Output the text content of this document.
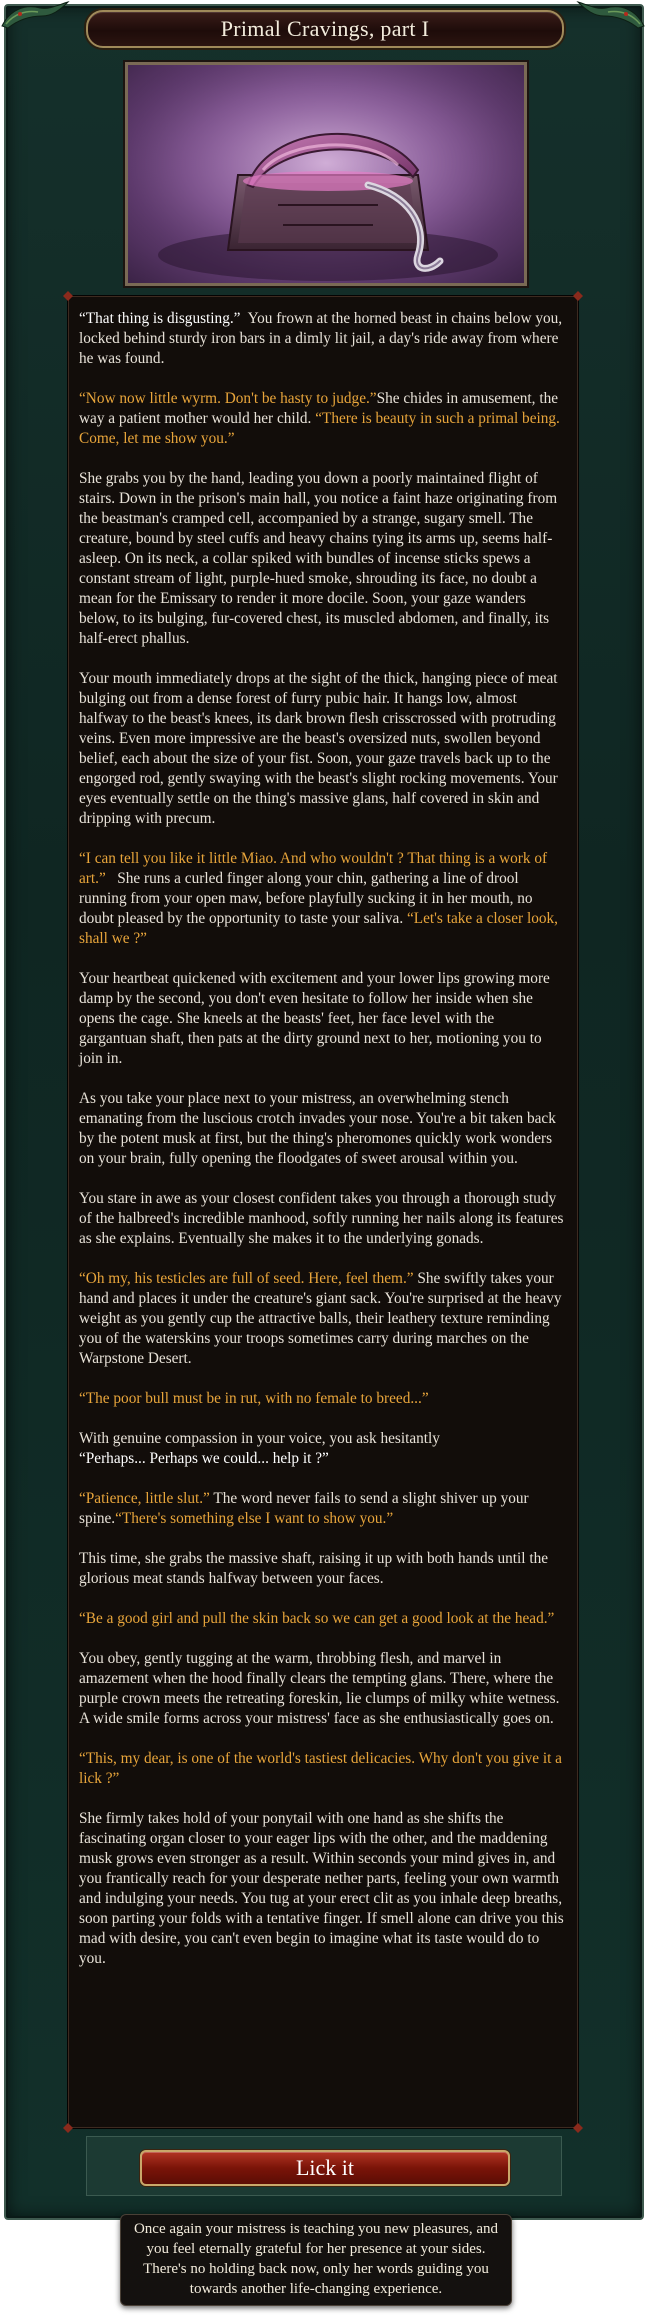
Primal Cravings, part I

“That thing is disgusting.” You frown at the horned beast in chains below you, locked behind sturdy iron bars in a dimly lit jail, a day's ride away from where he was found.

“Now now little wyrm. Don't be hasty to judge.”She chides in amusement, the way a patient mother would her child. “There is beauty in such a primal being. Come, let me show you.”

She grabs you by the hand, leading you down a poorly maintained flight of stairs. Down in the prison's main hall, you notice a faint haze originating from the beastman's cramped cell, accompanied by a strange, sugary smell. The creature, bound by steel cuffs and heavy chains tying its arms up, seems half-asleep. On its neck, a collar spiked with bundles of incense sticks spews a constant stream of light, purple-hued smoke, shrouding its face, no doubt a mean for the Emissary to render it more docile. Soon, your gaze wanders below, to its bulging, fur-covered chest, its muscled abdomen, and finally, its half-erect phallus.

Your mouth immediately drops at the sight of the thick, hanging piece of meat bulging out from a dense forest of furry pubic hair. It hangs low, almost halfway to the beast's knees, its dark brown flesh crisscrossed with protruding veins. Even more impressive are the beast's oversized nuts, swollen beyond belief, each about the size of your fist. Soon, your gaze travels back up to the engorged rod, gently swaying with the beast's slight rocking movements. Your eyes eventually settle on the thing's massive glans, half covered in skin and dripping with precum.

“I can tell you like it little Miao. And who wouldn't ? That thing is a work of art.” She runs a curled finger along your chin, gathering a line of drool running from your open maw, before playfully sucking it in her mouth, no doubt pleased by the opportunity to taste your saliva. “Let's take a closer look, shall we ?”

Your heartbeat quickened with excitement and your lower lips growing more damp by the second, you don't even hesitate to follow her inside when she opens the cage. She kneels at the beasts' feet, her face level with the gargantuan shaft, then pats at the dirty ground next to her, motioning you to join in.

As you take your place next to your mistress, an overwhelming stench emanating from the luscious crotch invades your nose. You're a bit taken back by the potent musk at first, but the thing's pheromones quickly work wonders on your brain, fully opening the floodgates of sweet arousal within you.

You stare in awe as your closest confident takes you through a thorough study of the halbreed's incredible manhood, softly running her nails along its features as she explains. Eventually she makes it to the underlying gonads.

“Oh my, his testicles are full of seed. Here, feel them.” She swiftly takes your hand and places it under the creature's giant sack. You're surprised at the heavy weight as you gently cup the attractive balls, their leathery texture reminding you of the waterskins your troops sometimes carry during marches on the Warpstone Desert.

“The poor bull must be in rut, with no female to breed...”

With genuine compassion in your voice, you ask hesitantly
“Perhaps... Perhaps we could... help it ?”

“Patience, little slut.” The word never fails to send a slight shiver up your spine.“There's something else I want to show you.”

This time, she grabs the massive shaft, raising it up with both hands until the glorious meat stands halfway between your faces.

“Be a good girl and pull the skin back so we can get a good look at the head.”

You obey, gently tugging at the warm, throbbing flesh, and marvel in amazement when the hood finally clears the tempting glans. There, where the purple crown meets the retreating foreskin, lie clumps of milky white wetness. A wide smile forms across your mistress' face as she enthusiastically goes on.

“This, my dear, is one of the world's tastiest delicacies. Why don't you give it a lick ?”

She firmly takes hold of your ponytail with one hand as she shifts the fascinating organ closer to your eager lips with the other, and the maddening musk grows even stronger as a result. Within seconds your mind gives in, and you frantically reach for your desperate nether parts, feeling your own warmth and indulging your needs. You tug at your erect clit as you inhale deep breaths, soon parting your folds with a tentative finger. If smell alone can drive you this mad with desire, you can't even begin to imagine what its taste would do to you.

Lick it
Once again your mistress is teaching you new pleasures, and you feel eternally grateful for her presence at your sides. There's no holding back now, only her words guiding you towards another life-changing experience.
